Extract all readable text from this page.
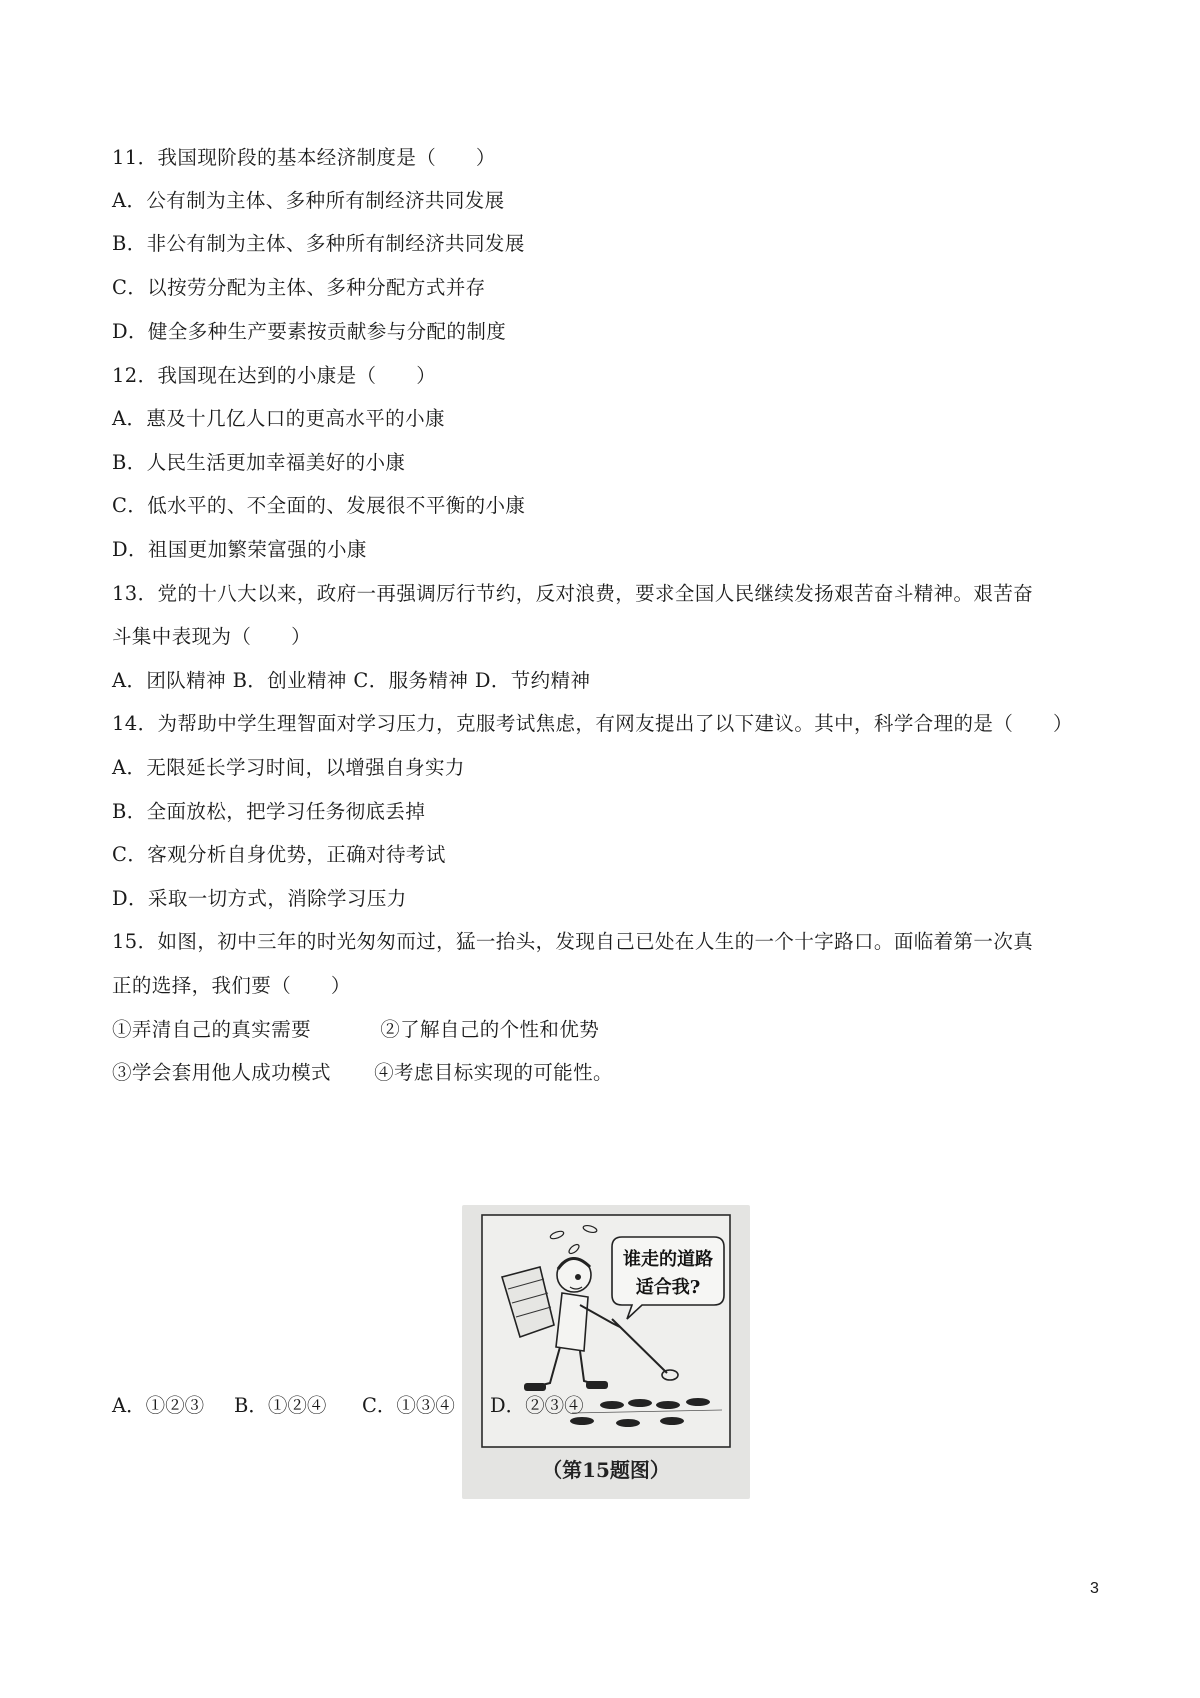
11．我国现阶段的基本经济制度是（　　）
A．公有制为主体、多种所有制经济共同发展
B．非公有制为主体、多种所有制经济共同发展
C．以按劳分配为主体、多种分配方式并存
D．健全多种生产要素按贡献参与分配的制度
12．我国现在达到的小康是（　　）
A．惠及十几亿人口的更高水平的小康
B．人民生活更加幸福美好的小康
C．低水平的、不全面的、发展很不平衡的小康
D．祖国更加繁荣富强的小康
13．党的十八大以来，政府一再强调厉行节约，反对浪费，要求全国人民继续发扬艰苦奋斗精神。艰苦奋
斗集中表现为（　　）
A．团队精神 B．创业精神 C．服务精神 D．节约精神
14．为帮助中学生理智面对学习压力，克服考试焦虑，有网友提出了以下建议。其中，科学合理的是（　　）
A．无限延长学习时间，以增强自身实力
B．全面放松，把学习任务彻底丢掉
C．客观分析自身优势，正确对待考试
D．采取一切方式，消除学习压力
15．如图，初中三年的时光匆匆而过，猛一抬头，发现自己已处在人生的一个十字路口。面临着第一次真
正的选择，我们要（　　）
①弄清自己的真实需要	②了解自己的个性和优势
③学会套用他人成功模式 ④考虑目标实现的可能性。
谁走的道路
适合我?
（第15题图）
A．①②③ B．①②④ C．①③④ D．②③④
3
